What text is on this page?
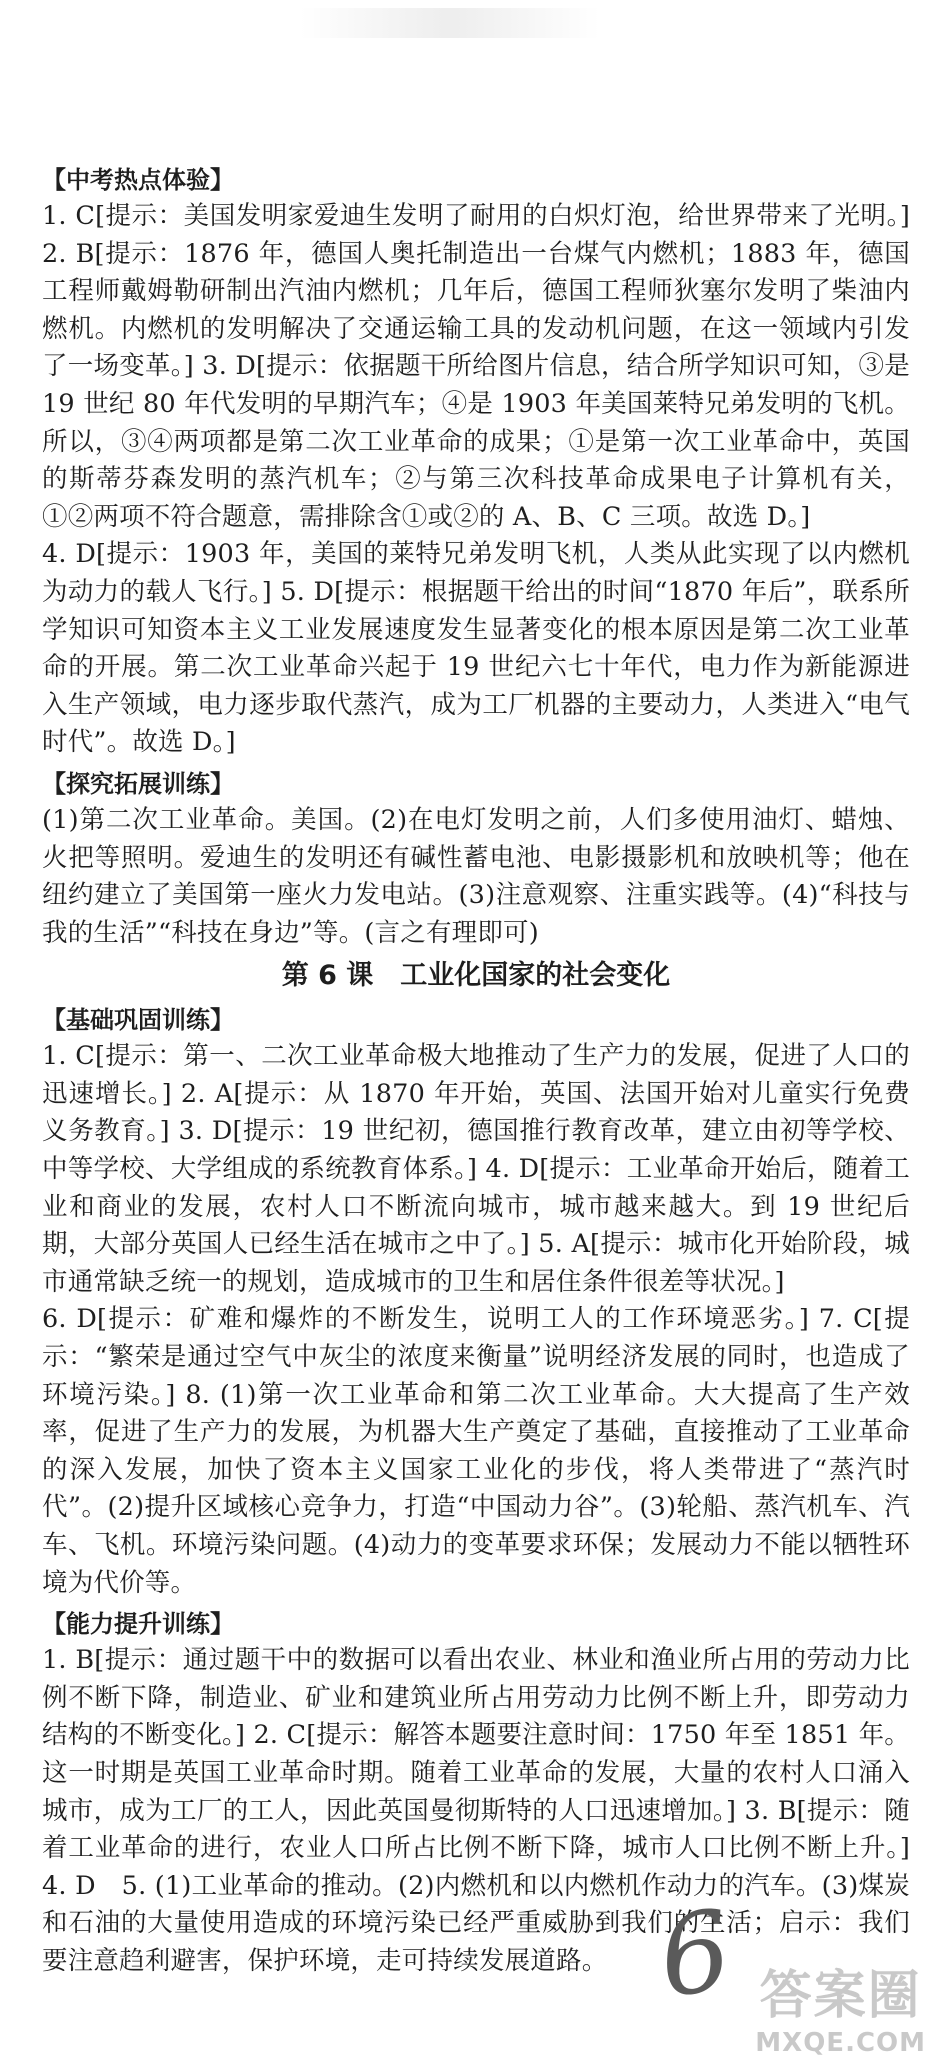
【中考热点体验】
1. C[提示：美国发明家爱迪生发明了耐用的白炽灯泡，给世界带来了光明。] 2. B[提示：1876 年，德国人奥托制造出一台煤气内燃机；1883 年，德国工程师戴姆勒研制出汽油内燃机；几年后，德国工程师狄塞尔发明了柴油内燃机。内燃机的发明解决了交通运输工具的发动机问题，在这一领域内引发了一场变革。] 3. D[提示：依据题干所给图片信息，结合所学知识可知，③是 19 世纪 80 年代发明的早期汽车；④是 1903 年美国莱特兄弟发明的飞机。所以，③④两项都是第二次工业革命的成果；①是第一次工业革命中，英国的斯蒂芬森发明的蒸汽机车；②与第三次科技革命成果电子计算机有关，①②两项不符合题意，需排除含①或②的 A、B、C 三项。故选 D。]
4. D[提示：1903 年，美国的莱特兄弟发明飞机，人类从此实现了以内燃机为动力的载人飞行。] 5. D[提示：根据题干给出的时间“1870 年后”，联系所学知识可知资本主义工业发展速度发生显著变化的根本原因是第二次工业革命的开展。第二次工业革命兴起于 19 世纪六七十年代，电力作为新能源进入生产领域，电力逐步取代蒸汽，成为工厂机器的主要动力，人类进入“电气时代”。故选 D。]
【探究拓展训练】
(1)第二次工业革命。美国。(2)在电灯发明之前，人们多使用油灯、蜡烛、火把等照明。爱迪生的发明还有碱性蓄电池、电影摄影机和放映机等；他在纽约建立了美国第一座火力发电站。(3)注意观察、注重实践等。(4)“科技与我的生活”“科技在身边”等。(言之有理即可)
第 6 课　工业化国家的社会变化
【基础巩固训练】
1. C[提示：第一、二次工业革命极大地推动了生产力的发展，促进了人口的迅速增长。] 2. A[提示：从 1870 年开始，英国、法国开始对儿童实行免费义务教育。] 3. D[提示：19 世纪初，德国推行教育改革，建立由初等学校、中等学校、大学组成的系统教育体系。] 4. D[提示：工业革命开始后，随着工业和商业的发展，农村人口不断流向城市，城市越来越大。到 19 世纪后期，大部分英国人已经生活在城市之中了。] 5. A[提示：城市化开始阶段，城市通常缺乏统一的规划，造成城市的卫生和居住条件很差等状况。]
6. D[提示：矿难和爆炸的不断发生，说明工人的工作环境恶劣。] 7. C[提示：“繁荣是通过空气中灰尘的浓度来衡量”说明经济发展的同时，也造成了环境污染。] 8. (1)第一次工业革命和第二次工业革命。大大提高了生产效率，促进了生产力的发展，为机器大生产奠定了基础，直接推动了工业革命的深入发展，加快了资本主义国家工业化的步伐，将人类带进了“蒸汽时代”。(2)提升区域核心竞争力，打造“中国动力谷”。(3)轮船、蒸汽机车、汽车、飞机。环境污染问题。(4)动力的变革要求环保；发展动力不能以牺牲环境为代价等。
【能力提升训练】
1. B[提示：通过题干中的数据可以看出农业、林业和渔业所占用的劳动力比例不断下降，制造业、矿业和建筑业所占用劳动力比例不断上升，即劳动力结构的不断变化。] 2. C[提示：解答本题要注意时间：1750 年至 1851 年。这一时期是英国工业革命时期。随着工业革命的发展，大量的农村人口涌入城市，成为工厂的工人，因此英国曼彻斯特的人口迅速增加。] 3. B[提示：随着工业革命的进行，农业人口所占比例不断下降，城市人口比例不断上升。] 4. D　5. (1)工业革命的推动。(2)内燃机和以内燃机作动力的汽车。(3)煤炭和石油的大量使用造成的环境污染已经严重威胁到我们的生活；启示：我们要注意趋利避害，保护环境，走可持续发展道路。 6 答案圈
MXQE.COM
